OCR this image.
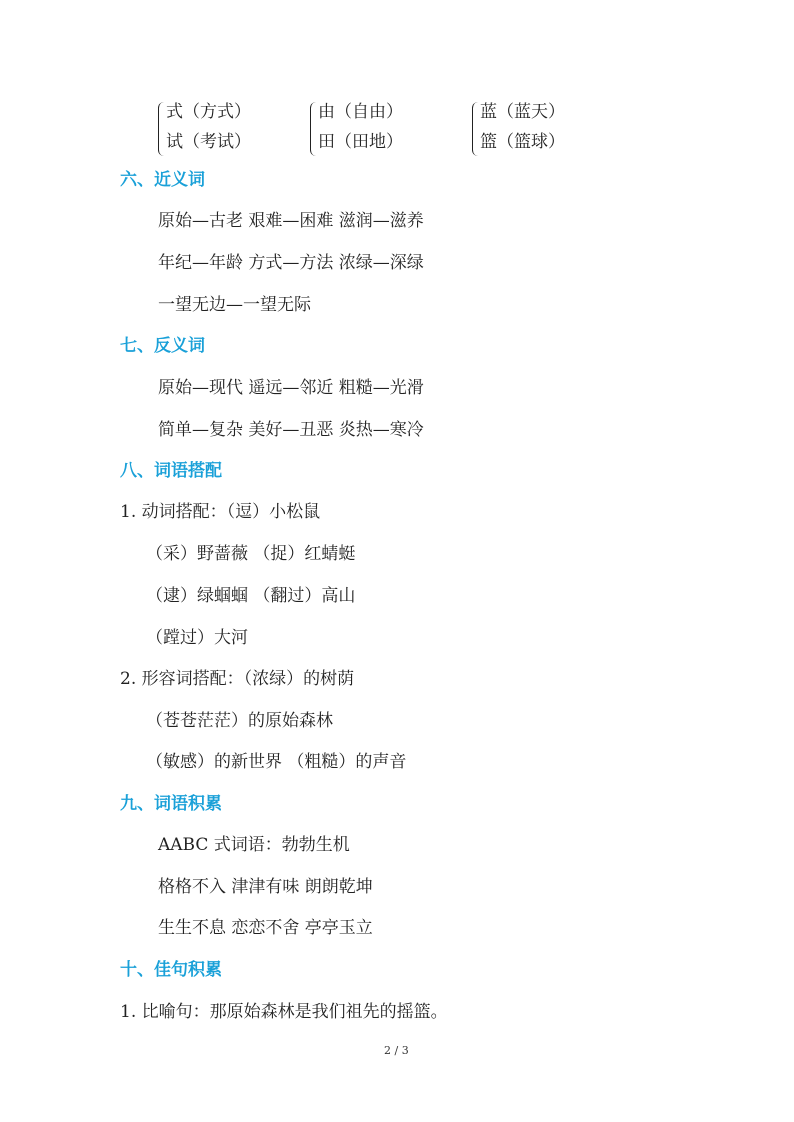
式（方式）
试（考试）
由（自由）
田（田地）
蓝（蓝天）
篮（篮球）
六、近义词
原始—古老 艰难—困难 滋润—滋养
年纪—年龄 方式—方法 浓绿—深绿
一望无边—一望无际
七、反义词
原始—现代 遥远—邻近 粗糙—光滑
简单—复杂 美好—丑恶 炎热—寒冷
八、词语搭配
1. 动词搭配：（逗）小松鼠
（采）野蔷薇 （捉）红蜻蜓
（逮）绿蝈蝈 （翻过）高山
（蹚过）大河
2. 形容词搭配：（浓绿）的树荫
（苍苍茫茫）的原始森林
（敏感）的新世界 （粗糙）的声音
九、词语积累
AABC 式词语：勃勃生机
格格不入 津津有味 朗朗乾坤
生生不息 恋恋不舍 亭亭玉立
十、佳句积累
1. 比喻句：那原始森林是我们祖先的摇篮。
2 / 3
